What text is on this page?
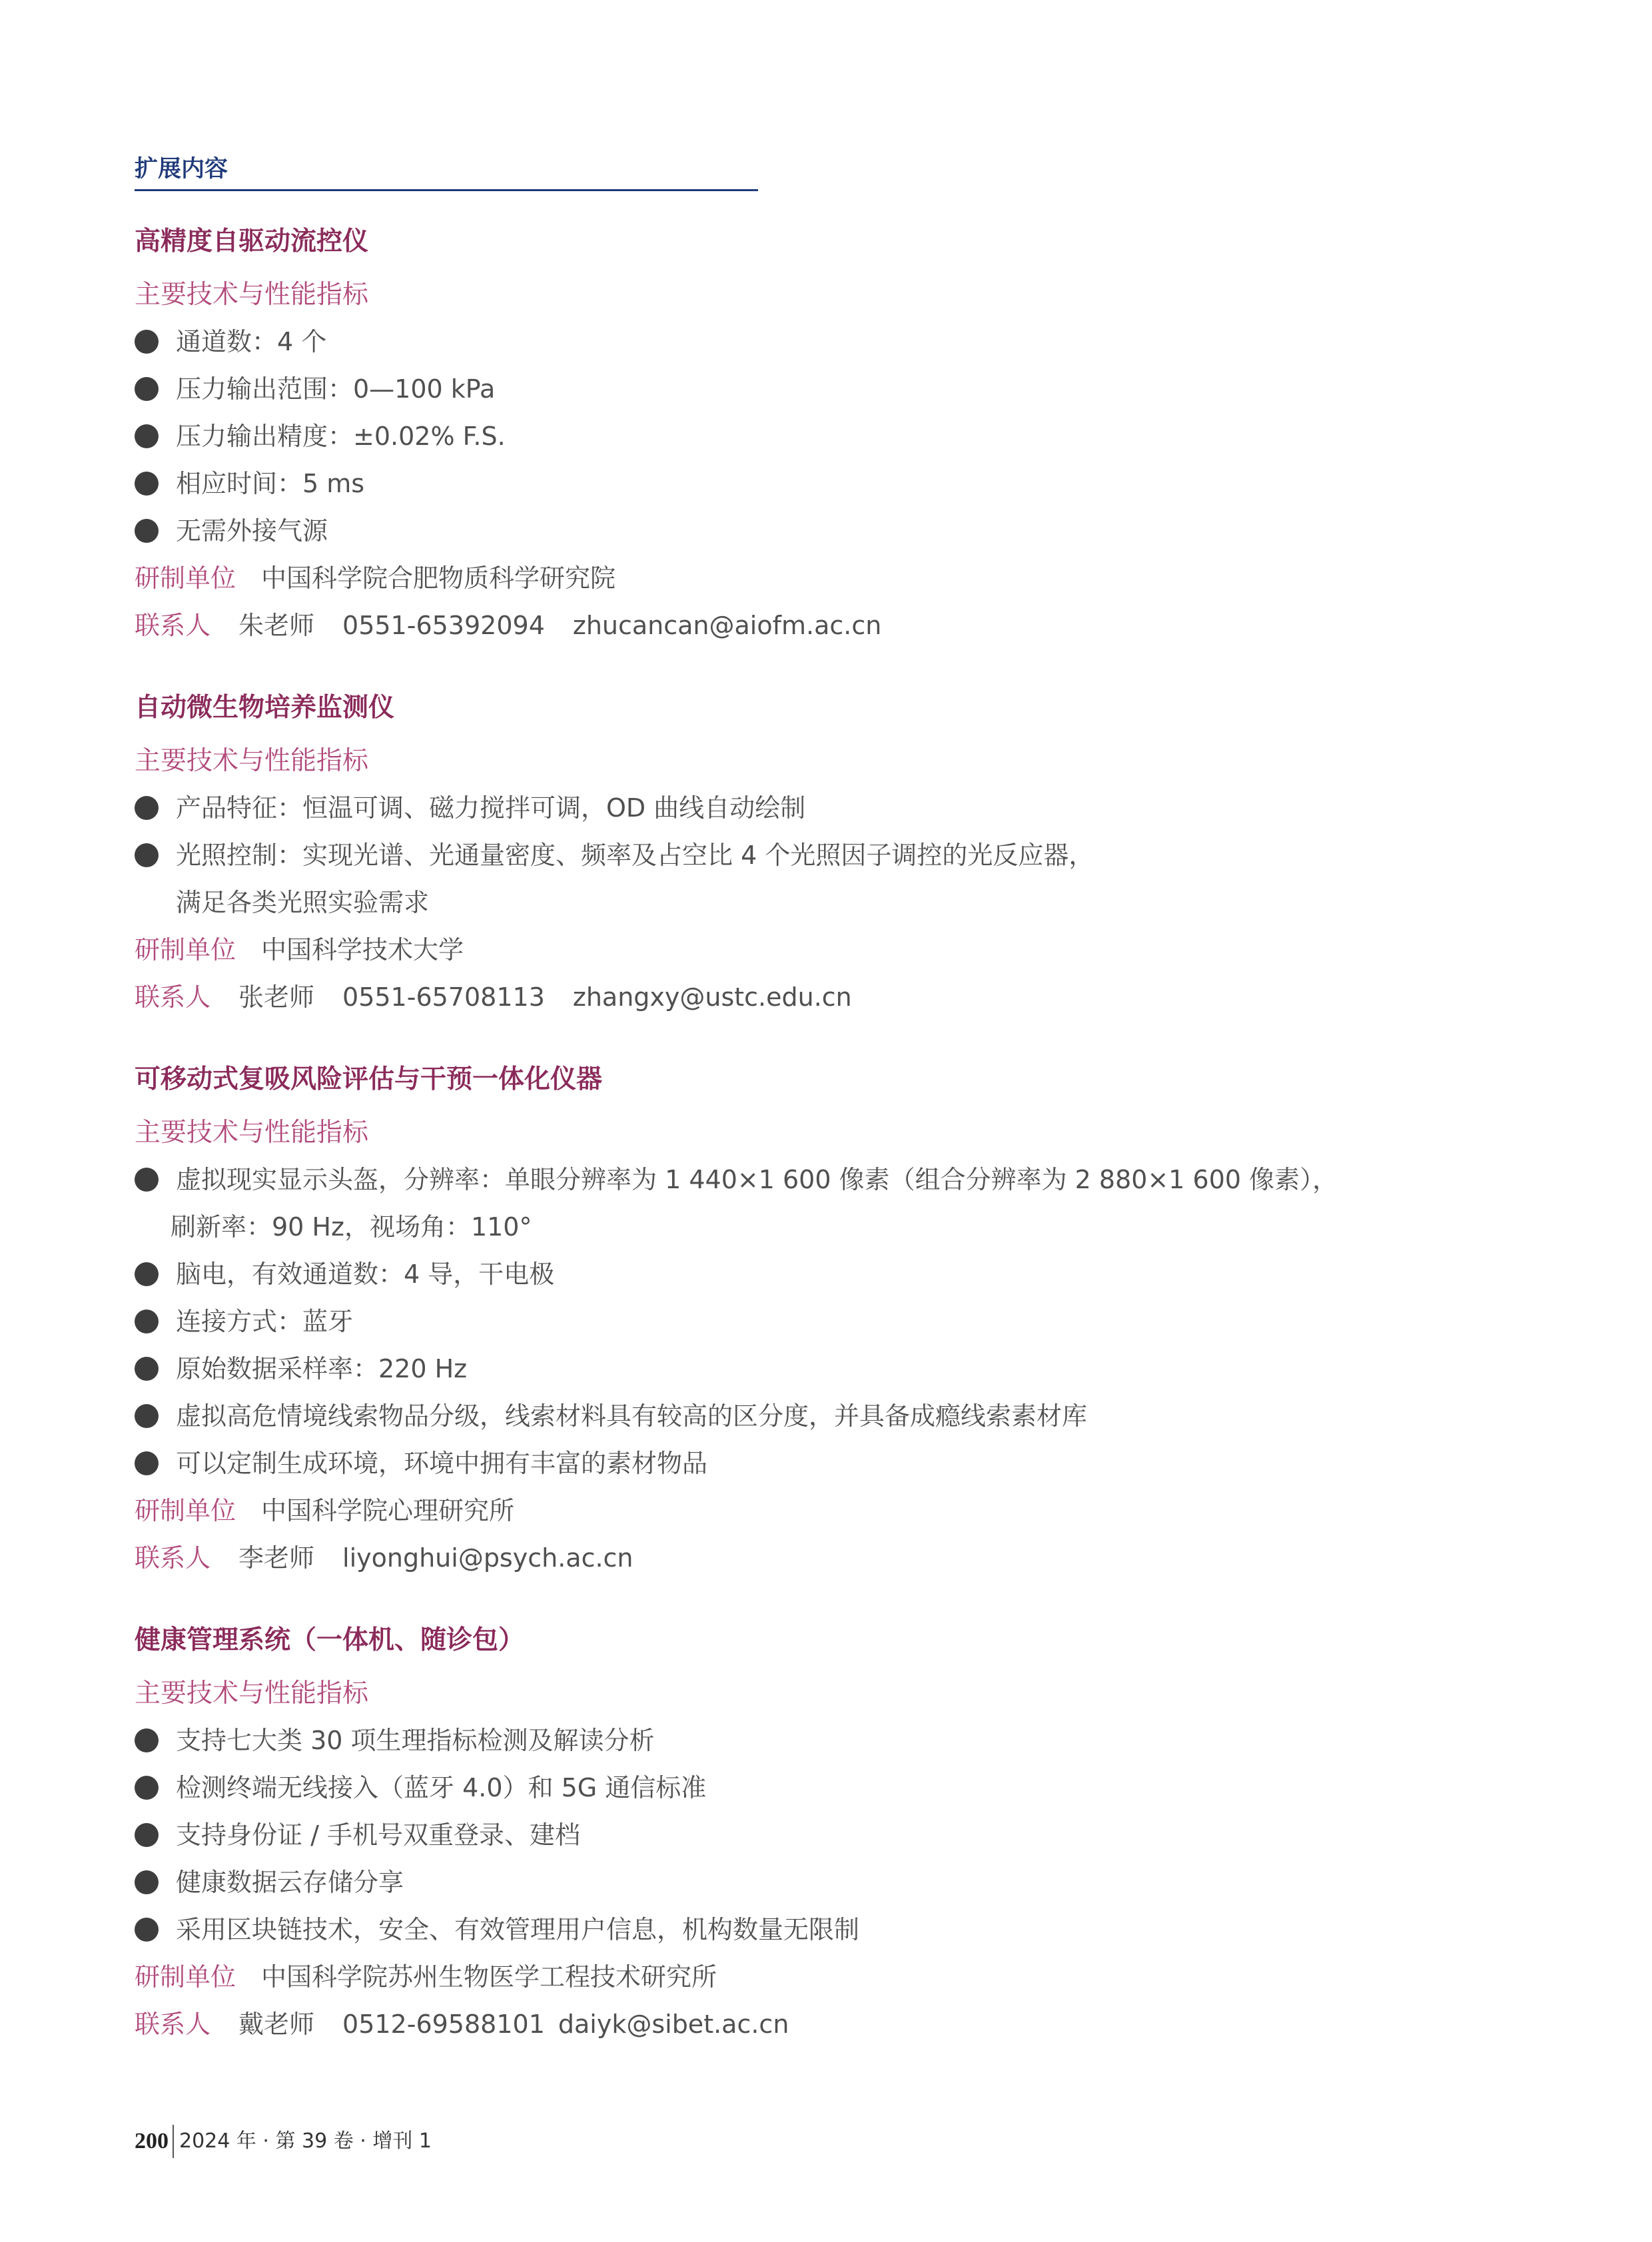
扩展内容
高精度自驱动流控仪
主要技术与性能指标
通道数：4 个
压力输出范围：0—100 kPa
压力输出精度：±0.02% F.S.
相应时间：5 ms
无需外接气源
研制单位 中国科学院合肥物质科学研究院
联系人 朱老师 0551-65392094 zhucancan@aiofm.ac.cn
自动微生物培养监测仪
主要技术与性能指标
产品特征：恒温可调、磁力搅拌可调，OD 曲线自动绘制
光照控制：实现光谱、光通量密度、频率及占空比 4 个光照因子调控的光反应器，
满足各类光照实验需求
研制单位 中国科学技术大学
联系人 张老师 0551-65708113 zhangxy@ustc.edu.cn
可移动式复吸风险评估与干预一体化仪器
主要技术与性能指标
虚拟现实显示头盔，分辨率：单眼分辨率为 1 440×1 600 像素（组合分辨率为 2 880×1 600 像素），
刷新率：90 Hz，视场角：110°
脑电，有效通道数：4 导，干电极
连接方式：蓝牙
原始数据采样率：220 Hz
虚拟高危情境线索物品分级，线索材料具有较高的区分度，并具备成瘾线索素材库
可以定制生成环境，环境中拥有丰富的素材物品
研制单位 中国科学院心理研究所
联系人 李老师 liyonghui@psych.ac.cn
健康管理系统（一体机、随诊包）
主要技术与性能指标
支持七大类 30 项生理指标检测及解读分析
检测终端无线接入（蓝牙 4.0）和 5G 通信标准
支持身份证 / 手机号双重登录、建档
健康数据云存储分享
采用区块链技术，安全、有效管理用户信息，机构数量无限制
研制单位 中国科学院苏州生物医学工程技术研究所
联系人 戴老师 0512-69588101 daiyk@sibet.ac.cn
200 2024 年 · 第 39 卷 · 增刊 1
